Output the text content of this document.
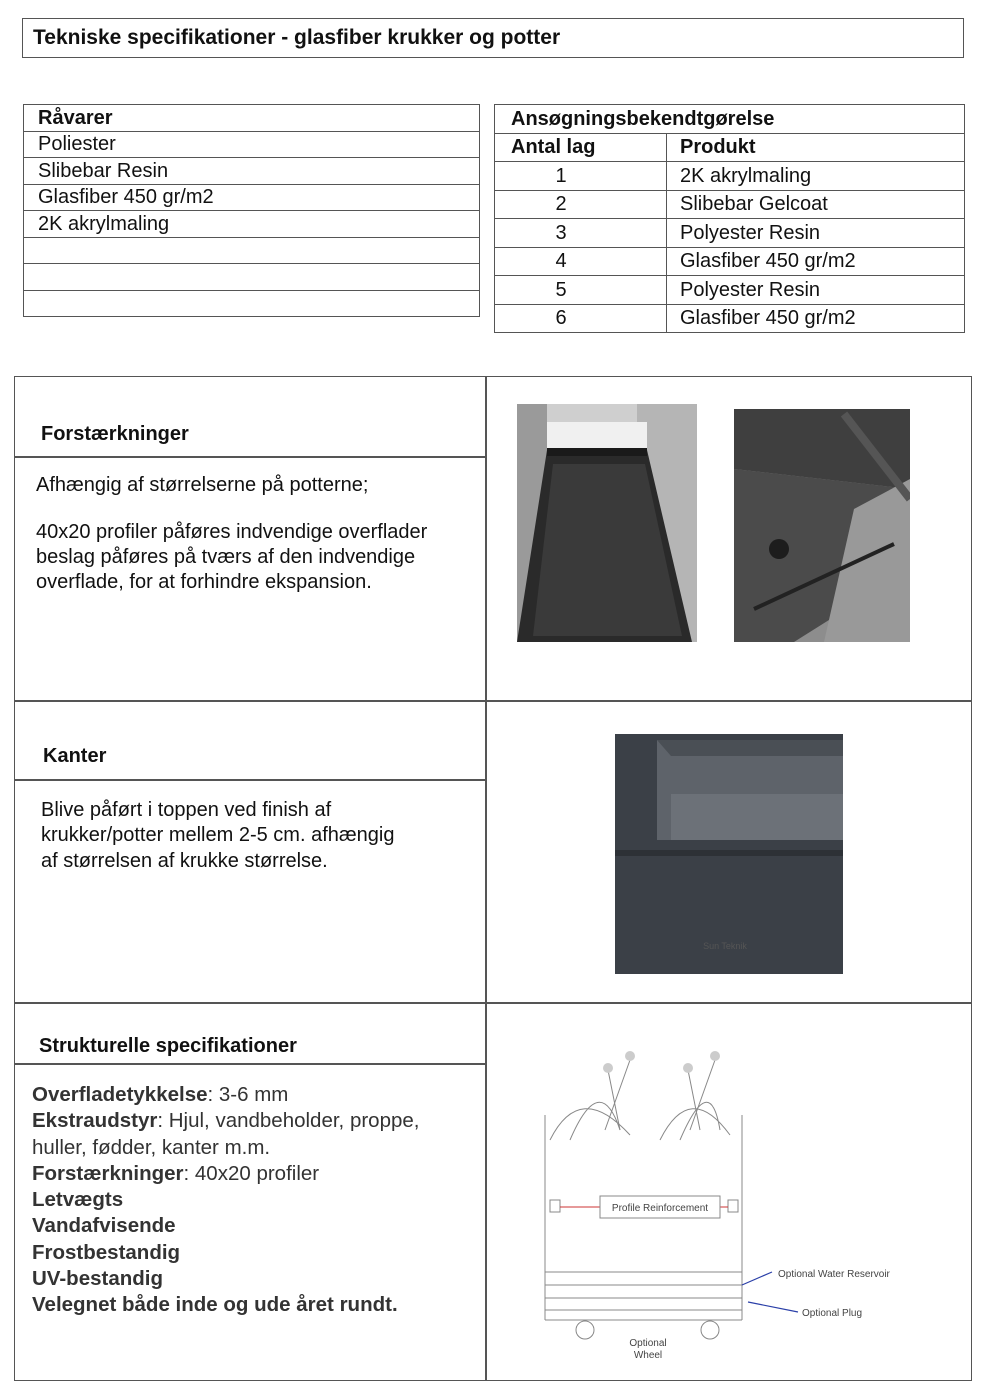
Tekniske specifikationer - glasfiber krukker og potter
Råvarer
Poliester
Slibebar Resin
Glasfiber 450 gr/m2
2K akrylmaling

Ansøgningsbekendtgørelse	
Antal lag	Produkt
1	2K akrylmaling
2	Slibebar Gelcoat
3	Polyester Resin
4	Glasfiber 450 gr/m2
5	Polyester Resin
6	Glasfiber 450 gr/m2
Forstærkninger
Afhængig af størrelserne på potterne;
40x20 profiler påføres indvendige overflader
beslag påføres på tværs af den indvendige
overflade, for at forhindre ekspansion.
Kanter
Blive påført i toppen ved finish af
krukker/potter mellem 2-5 cm. afhængig
af størrelsen af krukke størrelse.
Sun Teknik
Strukturelle specifikationer
Overfladetykkelse: 3-6 mm
Ekstraudstyr: Hjul, vandbeholder, proppe,
huller, fødder, kanter m.m.
Forstærkninger: 40x20 profiler
Letvægts
Vandafvisende
Frostbestandig
UV-bestandig
Velegnet både inde og ude året rundt.
Profile Reinforcement
Optional Water Reservoir
Optional Plug
Optional
Wheel
